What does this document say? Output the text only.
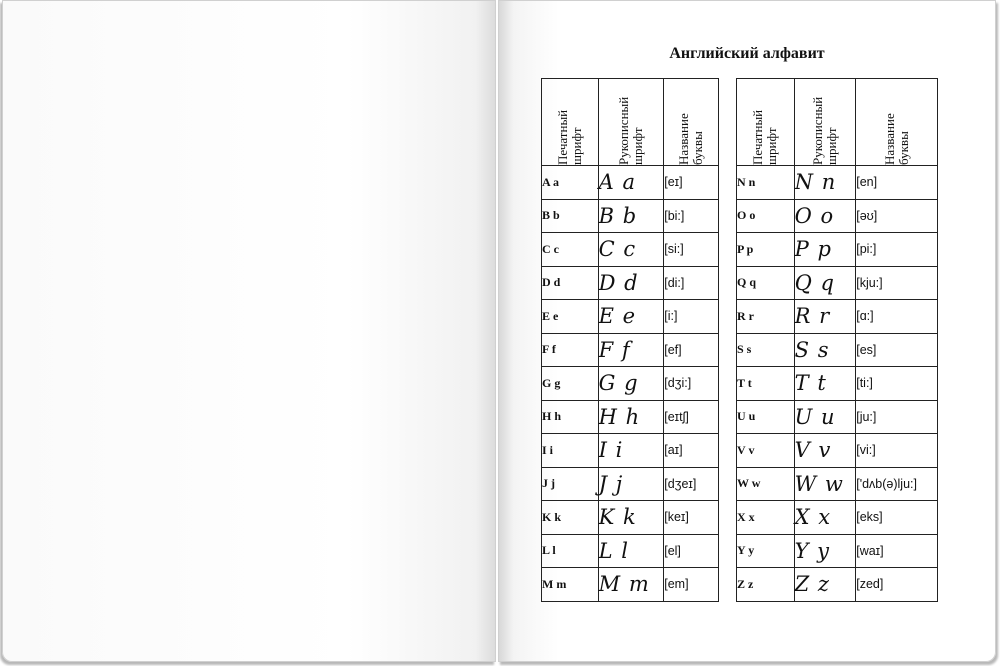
Английский алфавит
Печатный шрифт	Рукописный шрифт	Название буквы

A a	A a	[eɪ]
B b	B b	[bi:]
C c	C c	[si:]
D d	D d	[di:]
E e	E e	[i:]
F f	F f	[ef]
G g	G g	[dʒi:]
H h	H h	[eɪtʃ]
I i	I i	[aɪ]
J j	J j	[dʒeɪ]
K k	K k	[keɪ]
L l	L l	[el]
M m	M m	[em]
Печатный шрифт	Рукописный шрифт	Название буквы

N n	N n	[en]
O o	O o	[əʊ]
P p	P p	[pi:]
Q q	Q q	[kju:]
R r	R r	[ɑ:]
S s	S s	[es]
T t	T t	[ti:]
U u	U u	[ju:]
V v	V v	[vi:]
W w	W w	['dʌb(ə)lju:]
X x	X x	[eks]
Y y	Y y	[waɪ]
Z z	Z z	[zed]
